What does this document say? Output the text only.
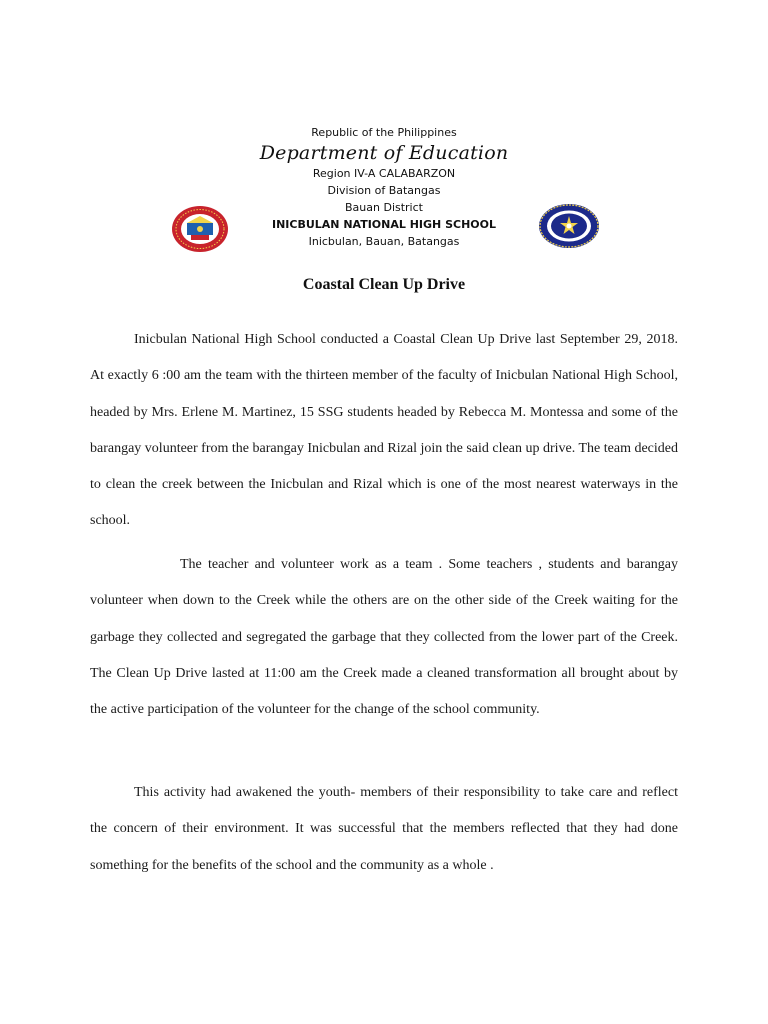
Republic of the Philippines
Department of Education
Region IV-A CALABARZON
Division of Batangas
Bauan District
INICBULAN NATIONAL HIGH SCHOOL
Inicbulan, Bauan, Batangas
Coastal Clean Up Drive

Inicbulan National High School conducted a Coastal Clean Up Drive last September 29, 2018. At exactly 6 :00 am the team with the thirteen member of the faculty of Inicbulan National High School, headed by Mrs. Erlene M. Martinez, 15 SSG students headed by Rebecca M. Montessa and some of the barangay volunteer from the barangay Inicbulan and Rizal join the said clean up drive. The team decided to clean the creek between the Inicbulan and Rizal which is one of the most nearest waterways in the school.

The teacher and volunteer work as a team . Some teachers , students and barangay volunteer when down to the Creek while the others are on the other side of the Creek waiting for the garbage they collected and segregated the garbage that they collected from the lower part of the Creek. The Clean Up Drive lasted at 11:00 am the Creek made a cleaned transformation all brought about by the active participation of the volunteer for the change of the school community.

This activity had awakened the youth- members of their responsibility to take care and reflect the concern of their environment. It was successful that the members reflected that they had done something for the benefits of the school and the community as a whole .
